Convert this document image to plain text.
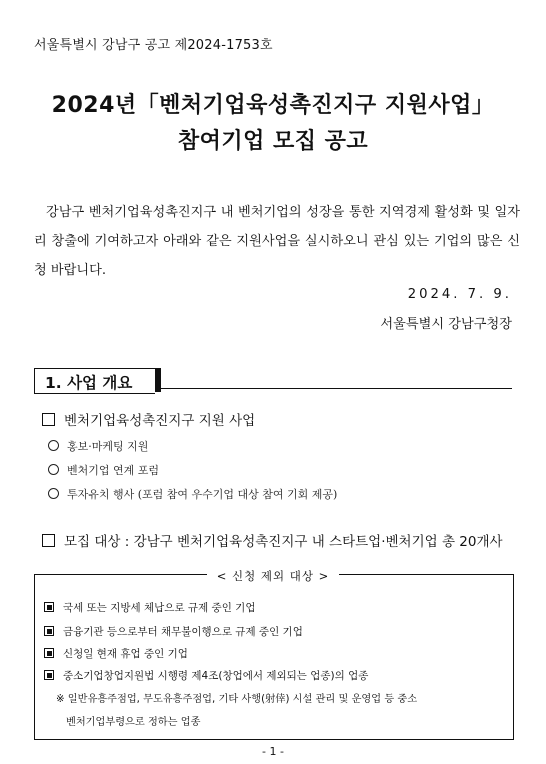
서울특별시 강남구 공고 제2024-1753호
2024년「벤처기업육성촉진지구 지원사업」
참여기업 모집 공고

강남구 벤처기업육성촉진지구 내 벤처기업의 성장을 통한 지역경제 활성화 및 일자리 창출에 기여하고자 아래와 같은 지원사업을 실시하오니 관심 있는 기업의 많은 신청 바랍니다.

2024. 7. 9.
서울특별시 강남구청장
1. 사업 개요
벤처기업육성촉진지구 지원 사업
홍보·마케팅 지원
벤처기업 연계 포럼
투자유치 행사 (포럼 참여 우수기업 대상 참여 기회 제공)
모집 대상 : 강남구 벤처기업육성촉진지구 내 스타트업·벤처기업 총 20개사
< 신청 제외 대상 >
국세 또는 지방세 체납으로 규제 중인 기업
금융기관 등으로부터 채무불이행으로 규제 중인 기업
신청일 현재 휴업 중인 기업
중소기업창업지원법 시행령 제4조(창업에서 제외되는 업종)의 업종
※ 일반유흥주점업, 무도유흥주점업, 기타 사행(射倖) 시설 관리 및 운영업 등 중소
벤처기업부령으로 정하는 업종
- 1 -
